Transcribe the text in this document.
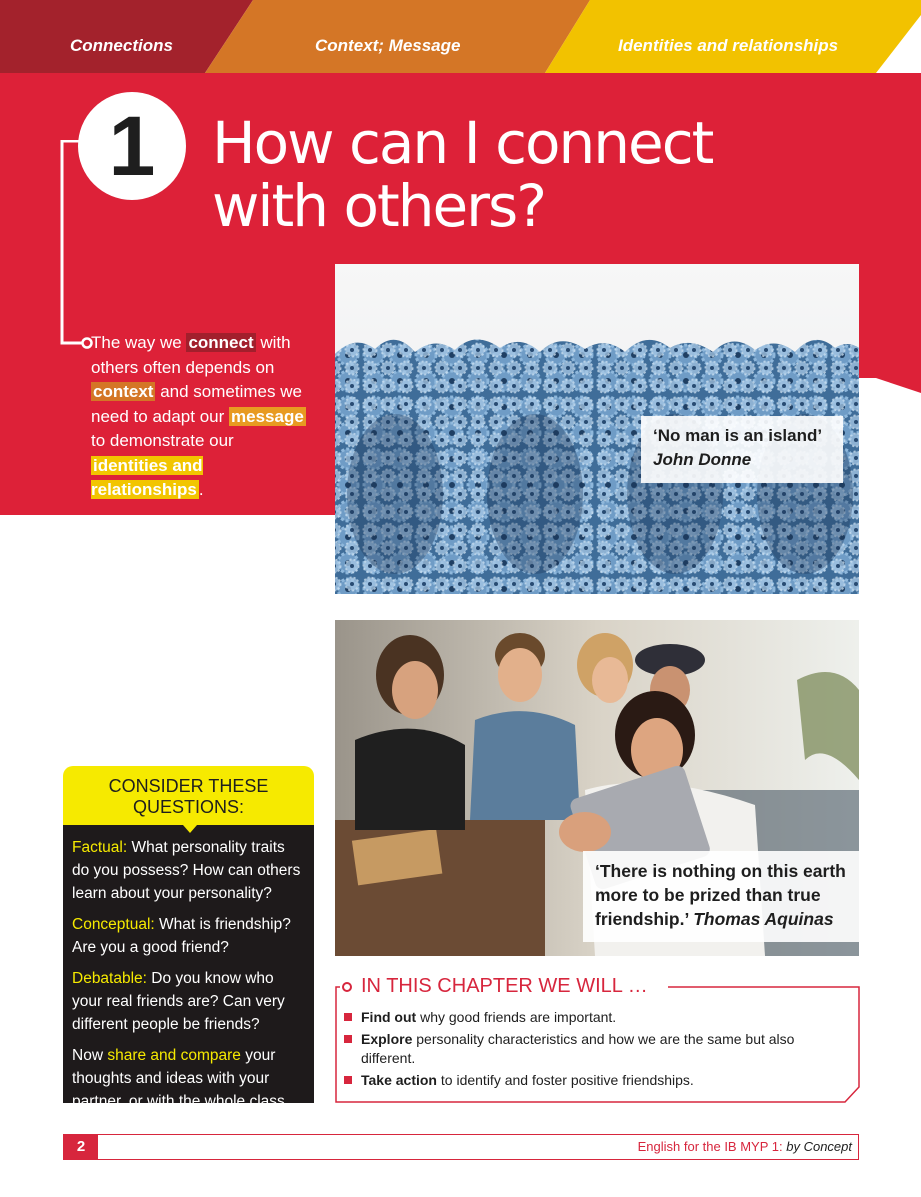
Connections	Context; Message	Identities and relationships
1 How can I connect
with others?
The way we connect with others often depends on context and sometimes we need to adapt our message to demonstrate our identities and relationships .
‘No man is an island’
John Donne
‘There is nothing on this earth more to be prized than true friendship.’ Thomas Aquinas
CONSIDER THESE QUESTIONS:

Factual: What personality traits do you possess? How can others learn about your personality?

Conceptual: What is friendship? Are you a good friend?

Debatable: Do you know who your real friends are? Can very different people be friends?

Now share and compare your thoughts and ideas with your partner, or with the whole class.

IN THIS CHAPTER WE WILL …
Find out why good friends are important.
Explore personality characteristics and how we are the same but also different.
Take action to identify and foster positive friendships.
2	English for the IB MYP 1: by Concept
